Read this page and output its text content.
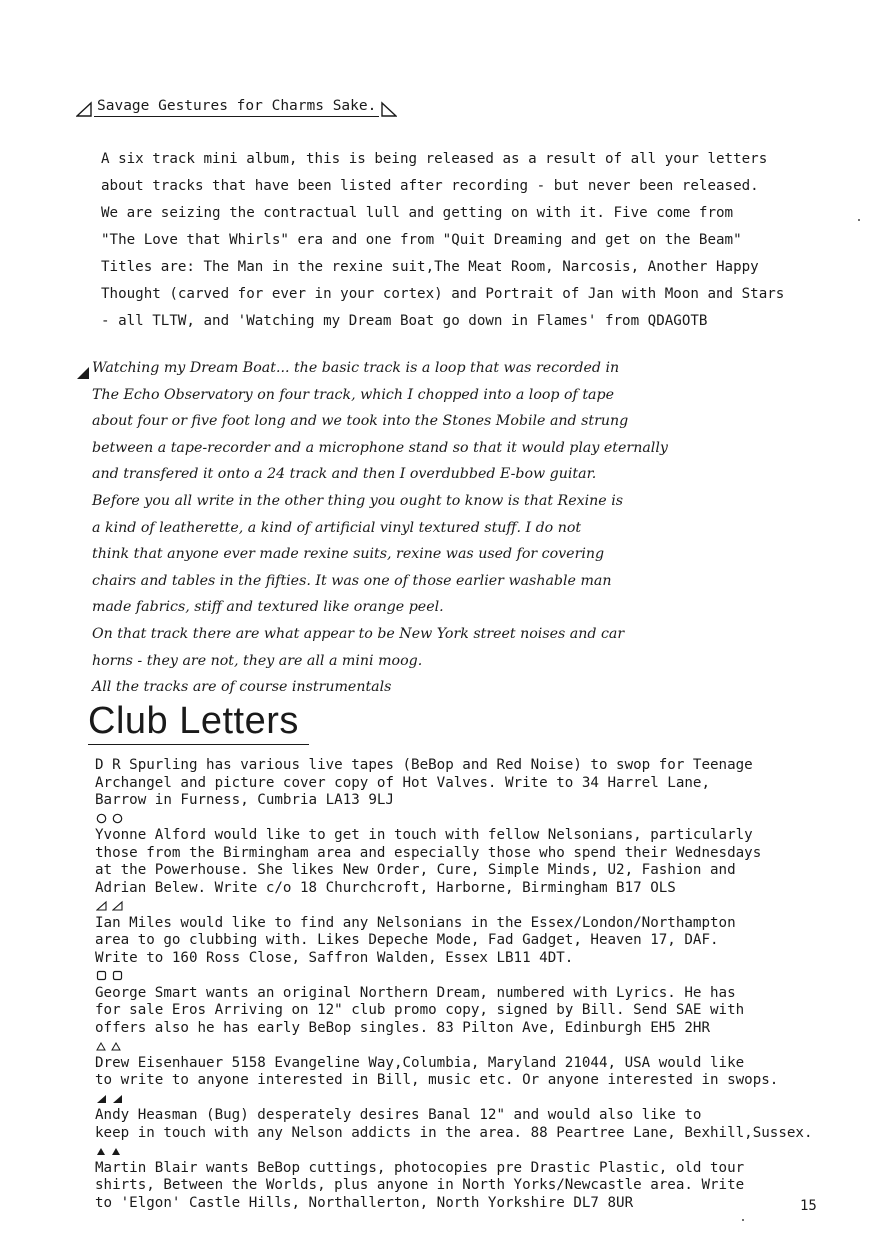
Savage Gestures for Charms Sake.
A six track mini album, this is being released as a result of all your letters
about tracks that have been listed after recording - but never been released.
We are seizing the contractual lull and getting on with it. Five come from
"The Love that Whirls" era and one from "Quit Dreaming and get on the Beam"
Titles are: The Man in the rexine suit,The Meat Room, Narcosis, Another Happy
Thought (carved for ever in your cortex) and Portrait of Jan with Moon and Stars
- all TLTW, and 'Watching my Dream Boat go down in Flames' from QDAGOTB
Watching my Dream Boat... the basic track is a loop that was recorded in
The Echo Observatory on four track, which I chopped into a loop of tape
about four or five foot long and we took into the Stones Mobile and strung
between a tape-recorder and a microphone stand so that it would play eternally
and transfered it onto a 24 track and then I overdubbed E-bow guitar.
Before you all write in the other thing you ought to know is that Rexine is
a kind of leatherette, a kind of artificial vinyl textured stuff. I do not
think that anyone ever made rexine suits, rexine was used for covering
chairs and tables in the fifties. It was one of those earlier washable man
made fabrics, stiff and textured like orange peel.
On that track there are what appear to be New York street noises and car
horns - they are not, they are all a mini moog.
All the tracks are of course instrumentals
Club Letters
D R Spurling has various live tapes (BeBop and Red Noise) to swop for Teenage
Archangel and picture cover copy of Hot Valves. Write to 34 Harrel Lane,
Barrow in Furness, Cumbria LA13 9LJ
Yvonne Alford would like to get in touch with fellow Nelsonians, particularly
those from the Birmingham area and especially those who spend their Wednesdays
at the Powerhouse. She likes New Order, Cure, Simple Minds, U2, Fashion and
Adrian Belew. Write c/o 18 Churchcroft, Harborne, Birmingham B17 OLS
Ian Miles would like to find any Nelsonians in the Essex/London/Northampton
area to go clubbing with. Likes Depeche Mode, Fad Gadget, Heaven 17, DAF.
Write to 160 Ross Close, Saffron Walden, Essex LB11 4DT.
George Smart wants an original Northern Dream, numbered with Lyrics. He has
for sale Eros Arriving on 12" club promo copy, signed by Bill. Send SAE with
offers also he has early BeBop singles. 83 Pilton Ave, Edinburgh EH5 2HR
Drew Eisenhauer 5158 Evangeline Way,Columbia, Maryland 21044, USA would like
to write to anyone interested in Bill, music etc. Or anyone interested in swops.
Andy Heasman (Bug) desperately desires Banal 12" and would also like to
keep in touch with any Nelson addicts in the area. 88 Peartree Lane, Bexhill,Sussex.
Martin Blair wants BeBop cuttings, photocopies pre Drastic Plastic, old tour
shirts, Between the Worlds, plus anyone in North Yorks/Newcastle area. Write
to 'Elgon' Castle Hills, Northallerton, North Yorkshire DL7 8UR	15
